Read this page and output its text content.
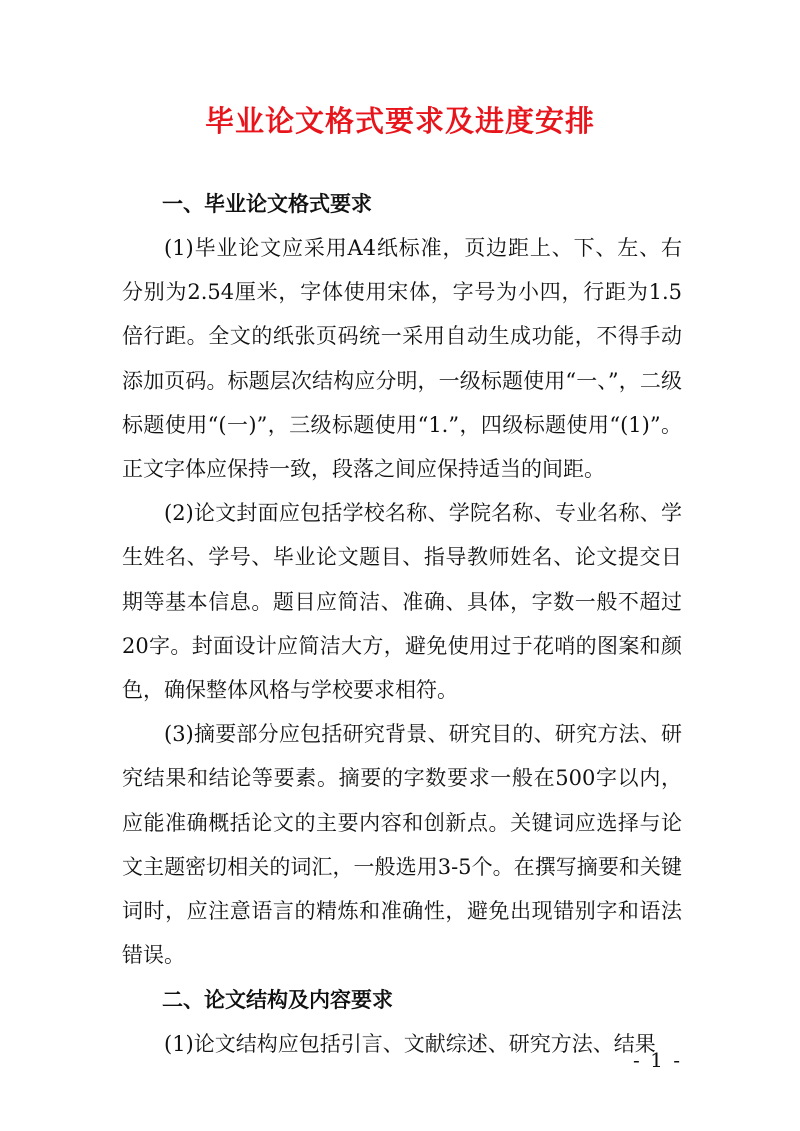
毕业论文格式要求及进度安排
一、毕业论文格式要求

(1)毕业论文应采用A4纸标准，页边距上、下、左、右分别为2.54厘米，字体使用宋体，字号为小四，行距为1.5倍行距。全文的纸张页码统一采用自动生成功能，不得手动添加页码。标题层次结构应分明，一级标题使用“一、”，二级标题使用“(一)”，三级标题使用“1.”，四级标题使用“(1)”。正文字体应保持一致，段落之间应保持适当的间距。

(2)论文封面应包括学校名称、学院名称、专业名称、学生姓名、学号、毕业论文题目、指导教师姓名、论文提交日期等基本信息。题目应简洁、准确、具体，字数一般不超过20字。封面设计应简洁大方，避免使用过于花哨的图案和颜色，确保整体风格与学校要求相符。

(3)摘要部分应包括研究背景、研究目的、研究方法、研究结果和结论等要素。摘要的字数要求一般在500字以内，应能准确概括论文的主要内容和创新点。关键词应选择与论文主题密切相关的词汇，一般选用3-5个。在撰写摘要和关键词时，应注意语言的精炼和准确性，避免出现错别字和语法错误。

二、论文结构及内容要求

(1)论文结构应包括引言、文献综述、研究方法、结果

- 1 -
